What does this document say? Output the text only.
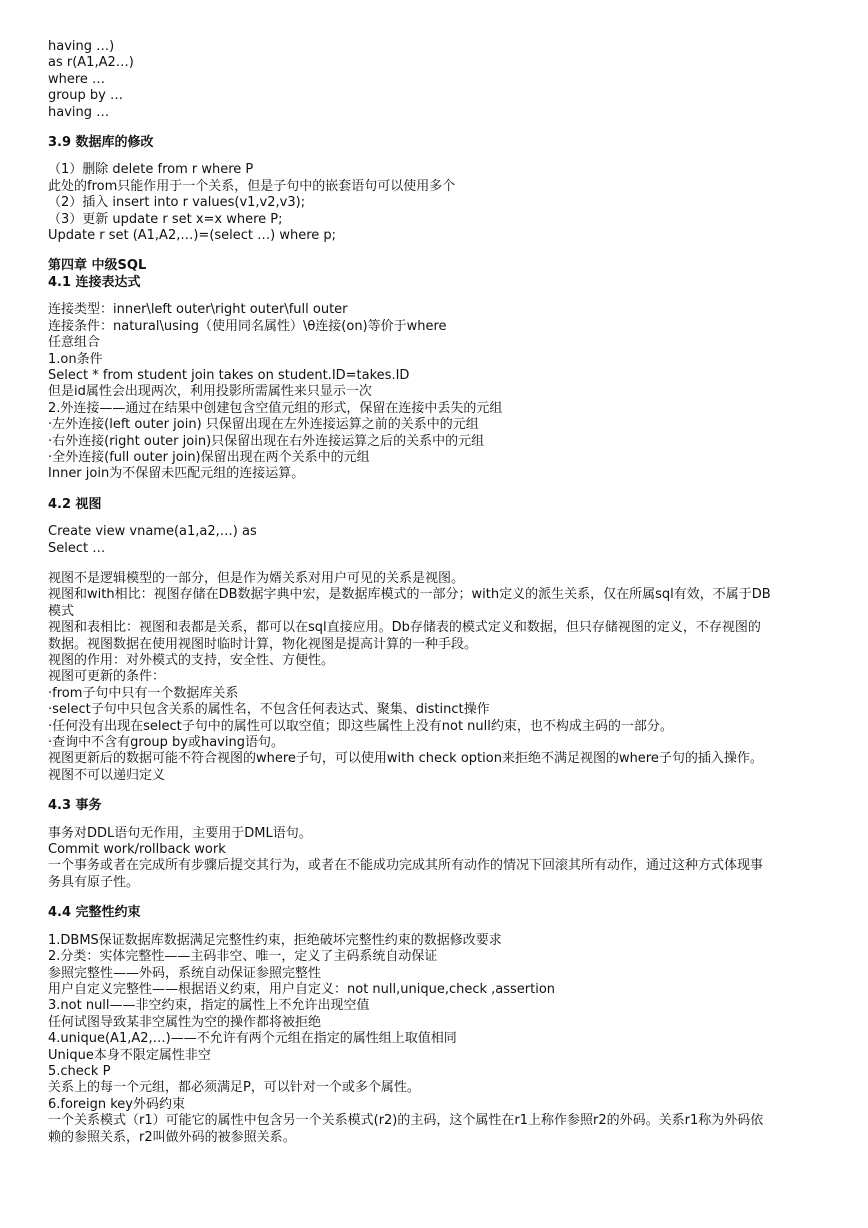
having …)
as r(A1,A2…)
where …
group by …
having …
3.9 数据库的修改
（1）删除 delete from r where P
此处的from只能作用于一个关系，但是子句中的嵌套语句可以使用多个
（2）插入 insert into r values(v1,v2,v3);
（3）更新 update r set x=x where P;
Update r set (A1,A2,…)=(select …) where p;
第四章 中级SQL
4.1 连接表达式
连接类型：inner\left outer\right outer\full outer
连接条件：natural\using（使用同名属性）\θ连接(on)等价于where
任意组合
1.on条件
Select * from student join takes on student.ID=takes.ID
但是id属性会出现两次，利用投影所需属性来只显示一次
2.外连接——通过在结果中创建包含空值元组的形式，保留在连接中丢失的元组
·左外连接(left outer join) 只保留出现在左外连接运算之前的关系中的元组
·右外连接(right outer join)只保留出现在右外连接运算之后的关系中的元组
·全外连接(full outer join)保留出现在两个关系中的元组
Inner join为不保留未匹配元组的连接运算。
4.2 视图
Create view vname(a1,a2,…) as
Select …
视图不是逻辑模型的一部分，但是作为婿关系对用户可见的关系是视图。
视图和with相比：视图存储在DB数据字典中宏，是数据库模式的一部分；with定义的派生关系，仅在所属sql有效，不属于DB
模式
视图和表相比：视图和表都是关系，都可以在sql直接应用。Db存储表的模式定义和数据，但只存储视图的定义，不存视图的
数据。视图数据在使用视图时临时计算，物化视图是提高计算的一种手段。
视图的作用：对外模式的支持，安全性、方便性。
视图可更新的条件：
·from子句中只有一个数据库关系
·select子句中只包含关系的属性名，不包含任何表达式、聚集、distinct操作
·任何没有出现在select子句中的属性可以取空值；即这些属性上没有not null约束，也不构成主码的一部分。
·查询中不含有group by或having语句。
视图更新后的数据可能不符合视图的where子句，可以使用with check option来拒绝不满足视图的where子句的插入操作。
视图不可以递归定义
4.3 事务
事务对DDL语句无作用，主要用于DML语句。
Commit work/rollback work
一个事务或者在完成所有步骤后提交其行为，或者在不能成功完成其所有动作的情况下回滚其所有动作，通过这种方式体现事
务具有原子性。
4.4 完整性约束
1.DBMS保证数据库数据满足完整性约束，拒绝破坏完整性约束的数据修改要求
2.分类：实体完整性——主码非空、唯一，定义了主码系统自动保证
参照完整性——外码，系统自动保证参照完整性
用户自定义完整性——根据语义约束，用户自定义：not null,unique,check ,assertion
3.not null——非空约束，指定的属性上不允许出现空值
任何试图导致某非空属性为空的操作都将被拒绝
4.unique(A1,A2,…)——不允许有两个元组在指定的属性组上取值相同
Unique本身不限定属性非空
5.check P
关系上的每一个元组，都必须满足P，可以针对一个或多个属性。
6.foreign key外码约束
一个关系模式（r1）可能它的属性中包含另一个关系模式(r2)的主码，这个属性在r1上称作参照r2的外码。关系r1称为外码依
赖的参照关系，r2叫做外码的被参照关系。
